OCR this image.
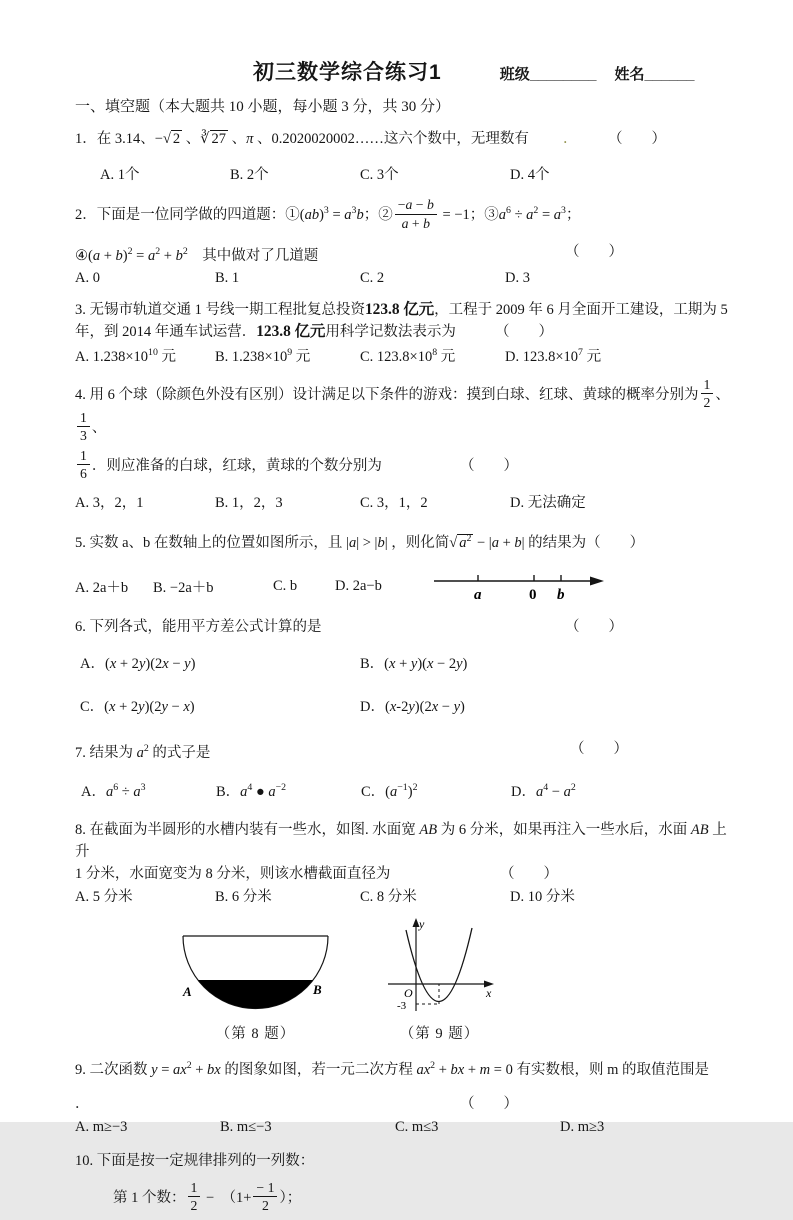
初三数学综合练习1	班级________ 姓名______
一、填空题（本大题共 10 小题，每小题 3 分，共 30 分）
1．在 3.14、−√ 2 、∛ 27 、π 、0.2020020002……这六个数中，无理数有 ． （　　）
A. 1个	B. 2个	C. 3个	D. 4个
2．下面是一位同学做的四道题：①(ab)$^3$ = $a^3b$；② $\frac{-a - b}{a + b} = -1$；$③a^6 \div a^2 = a^3$；
④(a + $b)^2 = a^2 + b^2$　其中做对了几道题	（　　）
A. 0	B. 1	C. 2	D. 3
3. 无锡市轨道交通 1 号线一期工程批复总投资123.8 亿元，工程于 2009 年 6 月全面开工建设，工期为 5
年，到 2014 年通车试运营．123.8 亿元用科学记数法表示为	（　　）
A. $1.238\times 10^{10}$ 元	B. $1.238\times 10^9$ 元	C. $123.8\times 10^8$ 元	D. $123.8\times 10^7$ 元
4. 用 6 个球（除颜色外没有区别）设计满足以下条件的游戏：摸到白球、红球、黄球的概率分别为 $\frac{1}{2}$ 、
$\frac{1}{3}$ 、
$\frac{1}{6}$ ．则应准备的白球，红球，黄球的个数分别为	（　　）
A. 3，2，1	B. 1，2，3	C. 3，1，2	D. 无法确定
5. 实数 a、b 在数轴上的位置如图所示，且 |a| > |b| ，则化简√ $a^2 - |a + b|$ 的结果为（　　）
A. 2a＋b	B. −2a＋b	C. b	D. 2a−b
a	0 b
6. 下列各式，能用平方差公式计算的是	（　　）
A．(x + 2y)(2x − y)	B．(x + y)(x − 2y)
C．(x + 2y)(2y − x)	D．(x-2y)(2x − y)
7. 结果为 $a^2$ 的式子是	（　　）
A．$a^6 \div a^3$	B．$a^4$ ● $a^{-2}$	C．$(a^{-1})^2$	D．$a^4 - a^2$
8. 在截面为半圆形的水槽内装有一些水，如图. 水面宽 AB 为 6 分米，如果再注入一些水后，水面 AB 上升
1 分米，水面宽变为 8 分米，则该水槽截面直径为	（　　）
A. 5 分米	B. 6 分米	C. 8 分米	D. 10 分米
A	B
（第 8 题）
y
x
O
-3
（第 9 题）
9. 二次函数 $y = ax^2$ + bx 的图象如图，若一元二次方程 $ax^2$ + bx + m = 0 有实数根，则 m 的取值范围是
．	（　　）
A. m≥−3	B. m≤−3	C. m≤3	D. m≥3
10. 下面是按一定规律排列的一列数：
第 1 个数： $\frac{1}{2}$ −　（$1+ \frac{- 1}{2}$ ）；
